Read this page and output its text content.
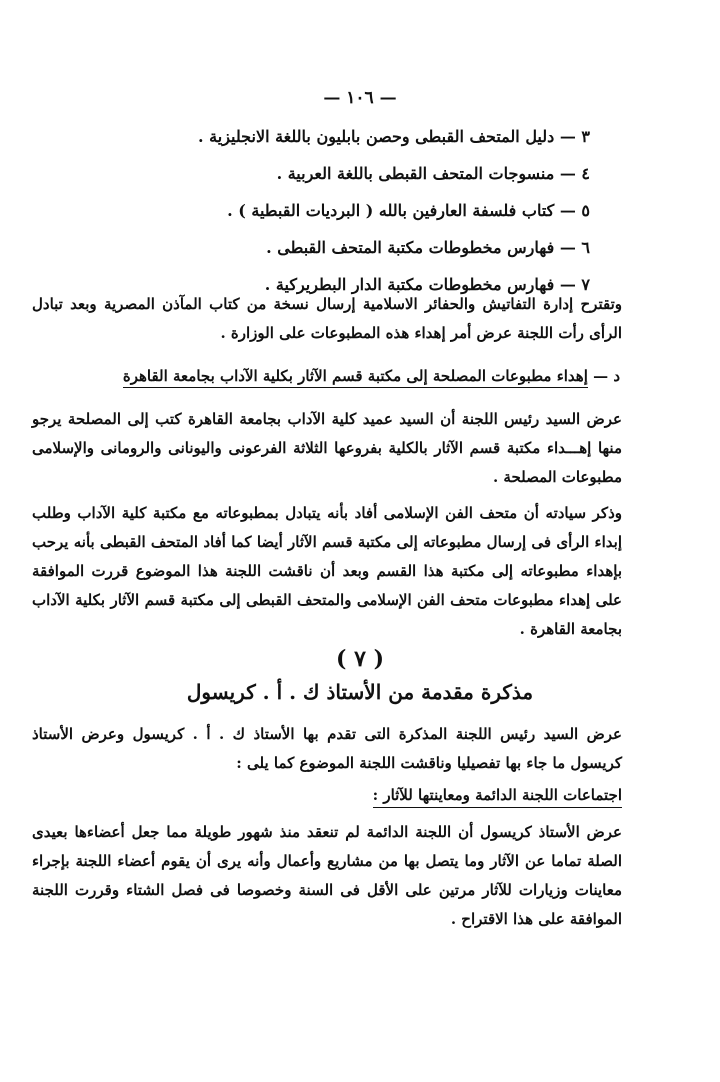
— ١٠٦ —
٣ — دليل المتحف القبطى وحصن بابليون باللغة الانجليزية .
٤ — منسوجات المتحف القبطى باللغة العربية .
٥ — كتاب فلسفة العارفين بالله ( البرديات القبطية ) .
٦ — فهارس مخطوطات مكتبة المتحف القبطى .
٧ — فهارس مخطوطات مكتبة الدار البطريركية .

وتقترح إدارة التفاتيش والحفائر الاسلامية إرسال نسخة من كتاب المآذن المصرية وبعد تبادل الرأى رأت اللجنة عرض أمر إهداء هذه المطبوعات على الوزارة .

د — إهداء مطبوعات المصلحة إلى مكتبة قسم الآثار بكلية الآداب بجامعة القاهرة

عرض السيد رئيس اللجنة أن السيد عميد كلية الآداب بجامعة القاهرة كتب إلى المصلحة يرجو منها إهـــداء مكتبة قسم الآثار بالكلية بفروعها الثلاثة الفرعونى واليونانى والرومانى والإسلامى مطبوعات المصلحة .

وذكر سيادته أن متحف الفن الإسلامى أفاد بأنه يتبادل بمطبوعاته مع مكتبة كلية الآداب وطلب إبداء الرأى فى إرسال مطبوعاته إلى مكتبة قسم الآثار أيضا كما أفاد المتحف القبطى بأنه يرحب بإهداء مطبوعاته إلى مكتبة هذا القسم وبعد أن ناقشت اللجنة هذا الموضوع قررت الموافقة على إهداء مطبوعات متحف الفن الإسلامى والمتحف القبطى إلى مكتبة قسم الآثار بكلية الآداب بجامعة القاهرة .

( ٧ )
مذكرة مقدمة من الأستاذ ك . أ . كريسول

عرض السيد رئيس اللجنة المذكرة التى تقدم بها الأستاذ ك . أ . كريسول وعرض الأستاذ كريسول ما جاء بها تفصيليا وناقشت اللجنة الموضوع كما يلى :

اجتماعات اللجنة الدائمة ومعاينتها للآثار :

عرض الأستاذ كريسول أن اللجنة الدائمة لم تنعقد منذ شهور طويلة مما جعل أعضاءها بعيدى الصلة تماما عن الآثار وما يتصل بها من مشاريع وأعمال وأنه يرى أن يقوم أعضاء اللجنة بإجراء معاينات وزيارات للآثار مرتين على الأقل فى السنة وخصوصا فى فصل الشتاء وقررت اللجنة الموافقة على هذا الاقتراح .
